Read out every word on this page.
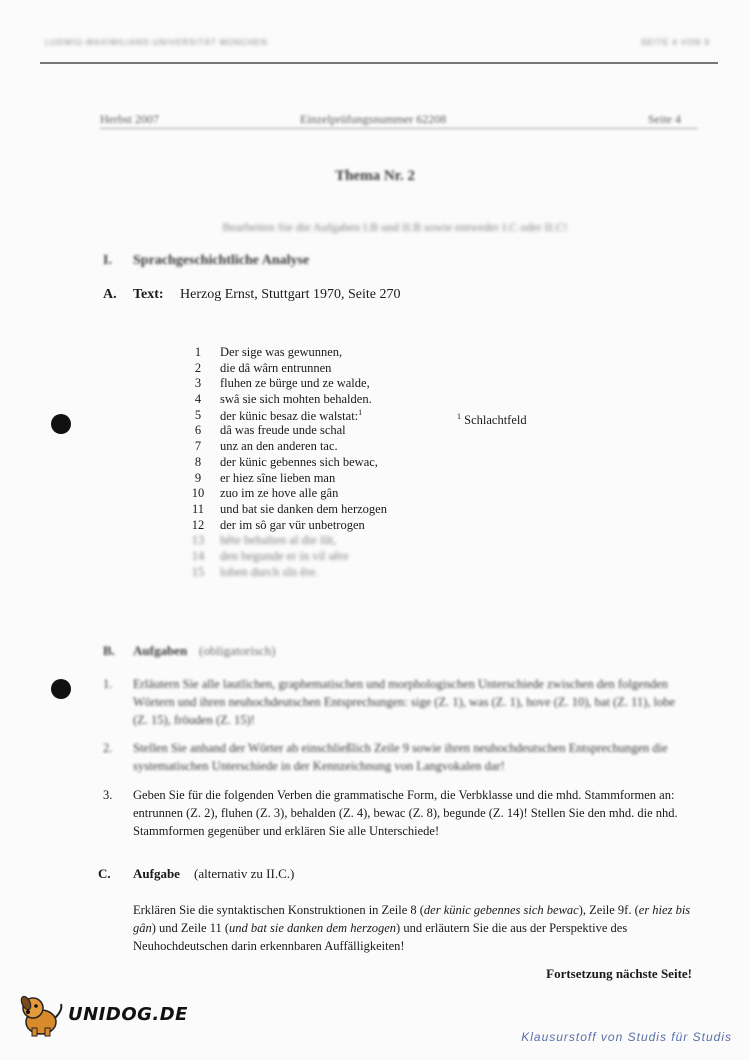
LUDWIG-MAXIMILIANS-UNIVERSITÄT MÜNCHEN	SEITE 4 VON 9
Herbst 2007	Einzelprüfungsnummer 62208	Seite 4
Thema Nr. 2
Bearbeiten Sie die Aufgaben I.B und II.B sowie entweder I.C oder II.C!
I. Sprachgeschichtliche Analyse
A. Text: Herzog Ernst, Stuttgart 1970, Seite 270
1	Der sige was gewunnen,
2	die dâ wârn entrunnen
3	fluhen ze bürge und ze walde,
4	swâ sie sich mohten behalden.
5	der künic besaz die walstat:$^1$
6	dâ was freude unde schal
7	unz an den anderen tac.
8	der künic gebennes sich bewac,
9	er hiez sîne lieben man
10 zuo im ze hove alle gân
11 und bat sie danken dem herzogen
12 der im sô gar vür unbetrogen
13 hête behalten al die lût,
14 den begunde er in vil sêre
15 loben durch sîn êre.
$^1$ Schlachtfeld
B. Aufgaben (obligatorisch)
1. Erläutern Sie alle lautlichen, graphematischen und morphologischen Unterschiede zwischen den folgenden Wörtern und ihren neuhochdeutschen Entsprechungen: sige (Z. 1), was (Z. 1), hove (Z. 10), bat (Z. 11), lobe (Z. 15), fröuden (Z. 15)!
2. Stellen Sie anhand der Wörter ab einschließlich Zeile 9 sowie ihren neuhochdeutschen Entsprechungen die systematischen Unterschiede in der Kennzeichnung von Langvokalen dar!
3. Geben Sie für die folgenden Verben die grammatische Form, die Verbklasse und die mhd. Stammformen an: entrunnen (Z. 2), fluhen (Z. 3), behalden (Z. 4), bewac (Z. 8), begunde (Z. 14)! Stellen Sie den mhd. die nhd. Stammformen gegenüber und erklären Sie alle Unterschiede!
C. Aufgabe (alternativ zu II.C.)
Erklären Sie die syntaktischen Konstruktionen in Zeile 8 (der künic gebennes sich bewac), Zeile 9f. (er hiez bis gân) und Zeile 11 (und bat sie danken dem herzogen) und erläutern Sie die aus der Perspektive des Neuhochdeutschen darin erkennbaren Auffälligkeiten!
Fortsetzung nächste Seite!
UNIDOG.DE
Klausurstoff von Studis für Studis
